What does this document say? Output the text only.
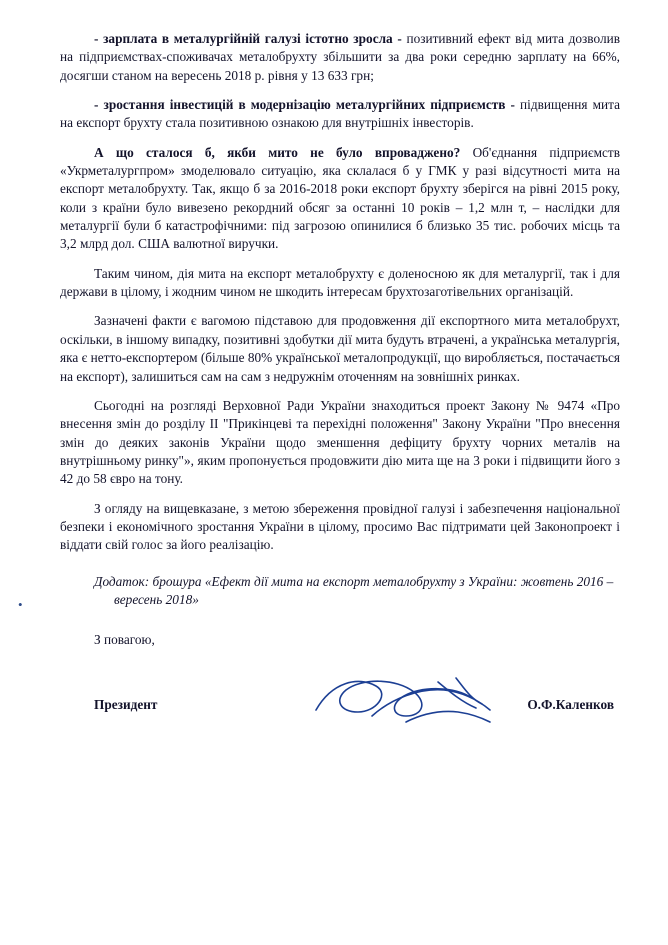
•

- зарплата в металургійній галузі істотно зросла - позитивний ефект від мита дозволив на підприємствах-споживачах металобрухту збільшити за два роки середню зарплату на 66%, досягши станом на вересень 2018 р. рівня у 13 633 грн;

- зростання інвестицій в модернізацію металургійних підприємств - підвищення мита на експорт брухту стала позитивною ознакою для внутрішніх інвесторів.

А що сталося б, якби мито не було впроваджено? Об'єднання підприємств «Укрметалургпром» змоделювало ситуацію, яка склалася б у ГМК у разі відсутності мита на експорт металобрухту. Так, якщо б за 2016-2018 роки експорт брухту зберігся на рівні 2015 року, коли з країни було вивезено рекордний обсяг за останні 10 років – 1,2 млн т, – наслідки для металургії були б катастрофічними: під загрозою опинилися б близько 35 тис. робочих місць та 3,2 млрд дол. США валютної виручки.

Таким чином, дія мита на експорт металобрухту є доленосною як для металургії, так і для держави в цілому, і жодним чином не шкодить інтересам брухтозаготівельних організацій.

Зазначені факти є вагомою підставою для продовження дії експортного мита металобрухт, оскільки, в іншому випадку, позитивні здобутки дії мита будуть втрачені, а українська металургія, яка є нетто-експортером (більше 80% української металопродукції, що виробляється, постачається на експорт), залишиться сам на сам з недружнім оточенням на зовнішніх ринках.

Сьогодні на розгляді Верховної Ради України знаходиться проект Закону № 9474 «Про внесення змін до розділу II "Прикінцеві та перехідні положення" Закону України "Про внесення змін до деяких законів України щодо зменшення дефіциту брухту чорних металів на внутрішньому ринку"», яким пропонується продовжити дію мита ще на 3 роки і підвищити його з 42 до 58 євро на тону.

З огляду на вищевказане, з метою збереження провідної галузі і забезпечення національної безпеки і економічного зростання України в цілому, просимо Вас підтримати цей Законопроект і віддати свій голос за його реалізацію.

Додаток: брошура «Ефект дії мита на експорт металобрухту з України: жовтень 2016 –
вересень 2018»

З повагою,

Президент	О.Ф.Каленков
